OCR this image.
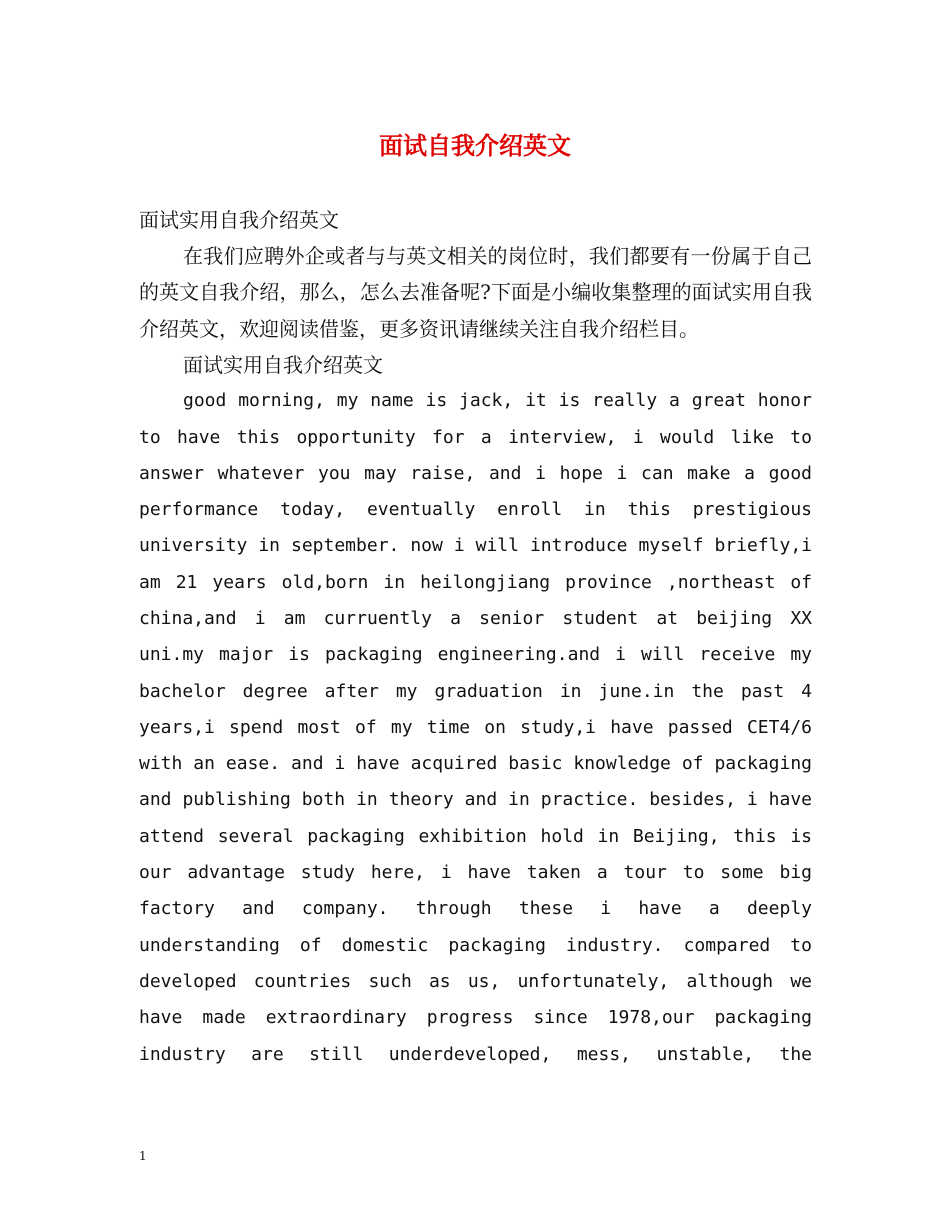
面试自我介绍英文
面试实用自我介绍英文
在我们应聘外企或者与与英文相关的岗位时，我们都要有一份属于自己的英文自我介绍，那么，怎么去准备呢?下面是小编收集整理的面试实用自我介绍英文，欢迎阅读借鉴，更多资讯请继续关注自我介绍栏目。
面试实用自我介绍英文
good morning, my name is jack, it is really a great honor
to have this opportunity for a interview, i would like to
answer whatever you may raise, and i hope i can make a good
performance today, eventually enroll in this prestigious
university in september. now i will introduce myself briefly,i
am 21 years old,born in heilongjiang province ,northeast of
china,and i am curruently a senior student at beijing XX
uni.my major is packaging engineering.and i will receive my
bachelor degree after my graduation in june.in the past 4
years,i spend most of my time on study,i have passed CET4/6
with an ease. and i have acquired basic knowledge of packaging
and publishing both in theory and in practice. besides, i have
attend several packaging exhibition hold in Beijing, this is
our advantage study here, i have taken a tour to some big
factory and company. through these i have a deeply
understanding of domestic packaging industry. compared to
developed countries such as us, unfortunately, although we
have made extraordinary progress since 1978,our packaging
industry are still underdeveloped, mess, unstable, the
1
